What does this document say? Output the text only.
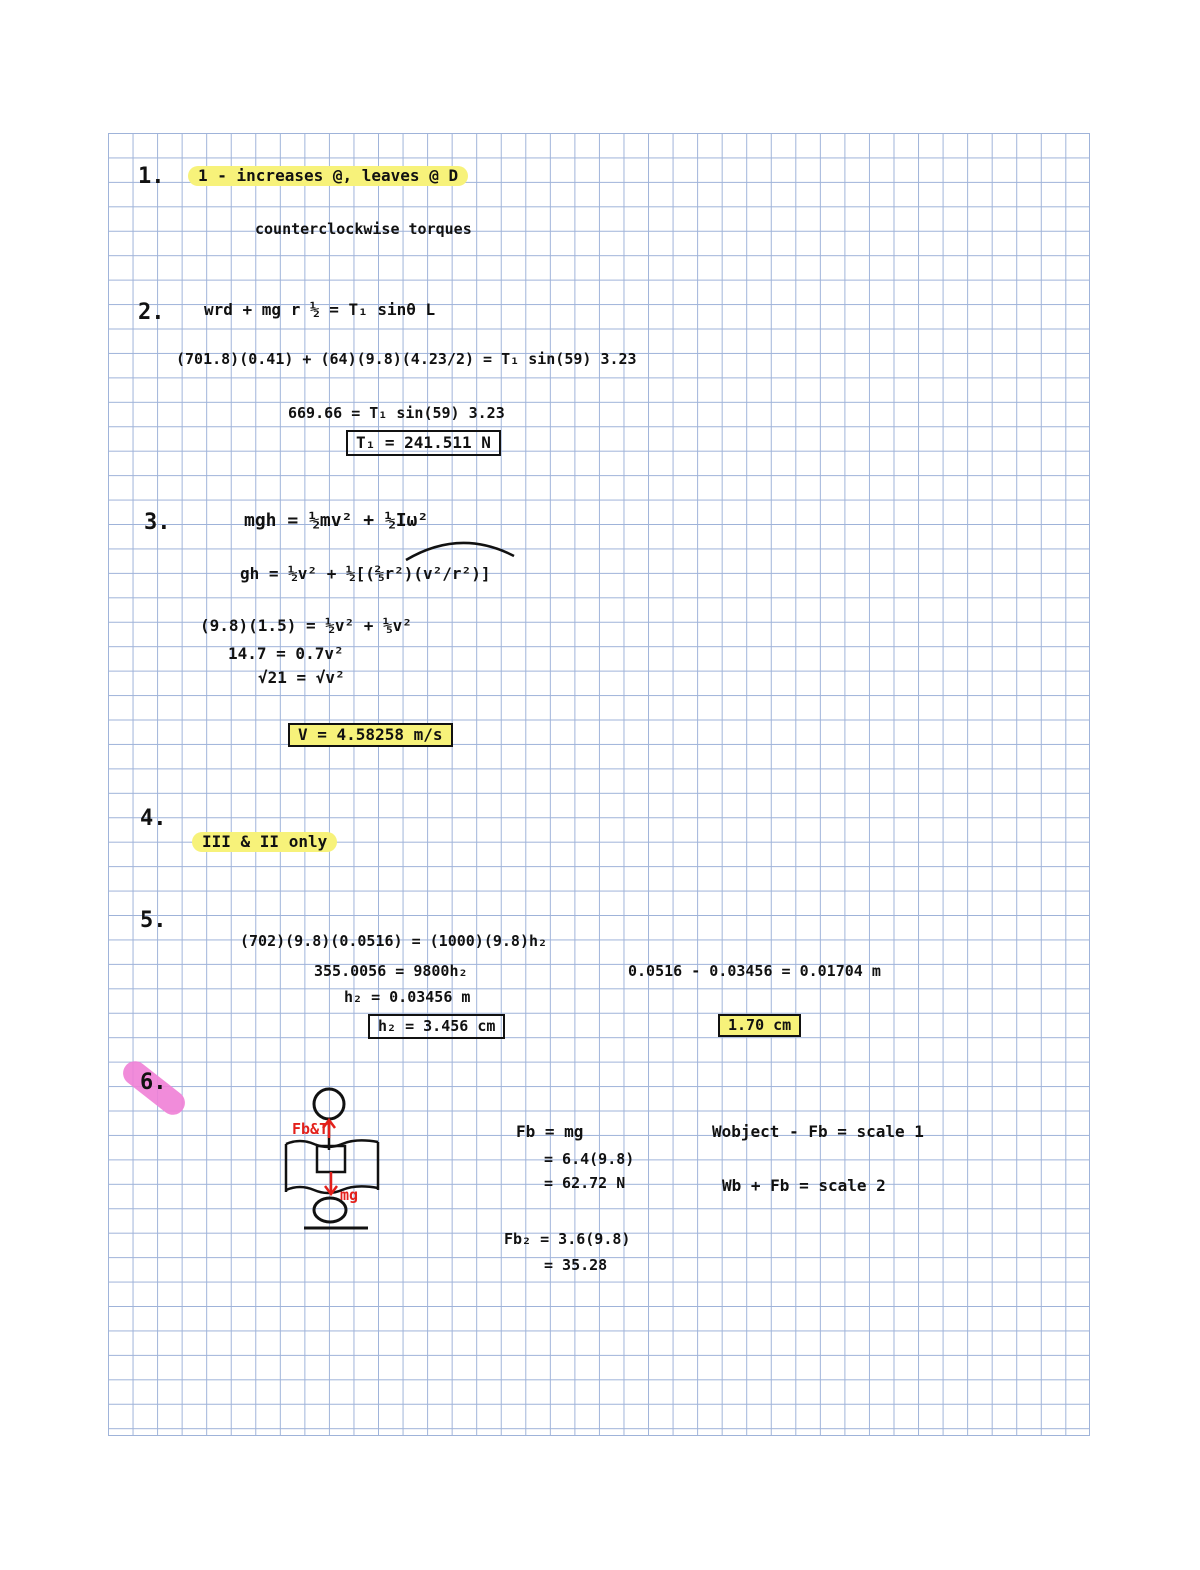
1.	1 - increases @, leaves @ D
counterclockwise torques
2. wrd + mg r ½ = T₁ sinθ L
(701.8)(0.41) + (64)(9.8)(4.23/2) = T₁ sin(59) 3.23
669.66 = T₁ sin(59) 3.23
T₁ = 241.511 N
3.	mgh = ½mv² + ½Iω²
gh = ½v² + ½[(⅖r²)(v²/r²)]
(9.8)(1.5) = ½v² + ⅕v²
14.7 = 0.7v²
√21 = √v²
V = 4.58258 m/s
4.
III & II only
5.
(702)(9.8)(0.0516) = (1000)(9.8)h₂
355.0056 = 9800h₂
h₂ = 0.03456 m
h₂ = 3.456 cm
0.0516 - 0.03456 = 0.01704 m
1.70 cm
6.
Fb&T
mg
Fb = mg
= 6.4(9.8)
= 62.72 N
Fb₂ = 3.6(9.8)
= 35.28
Wobject - Fb = scale 1
Wb + Fb = scale 2
